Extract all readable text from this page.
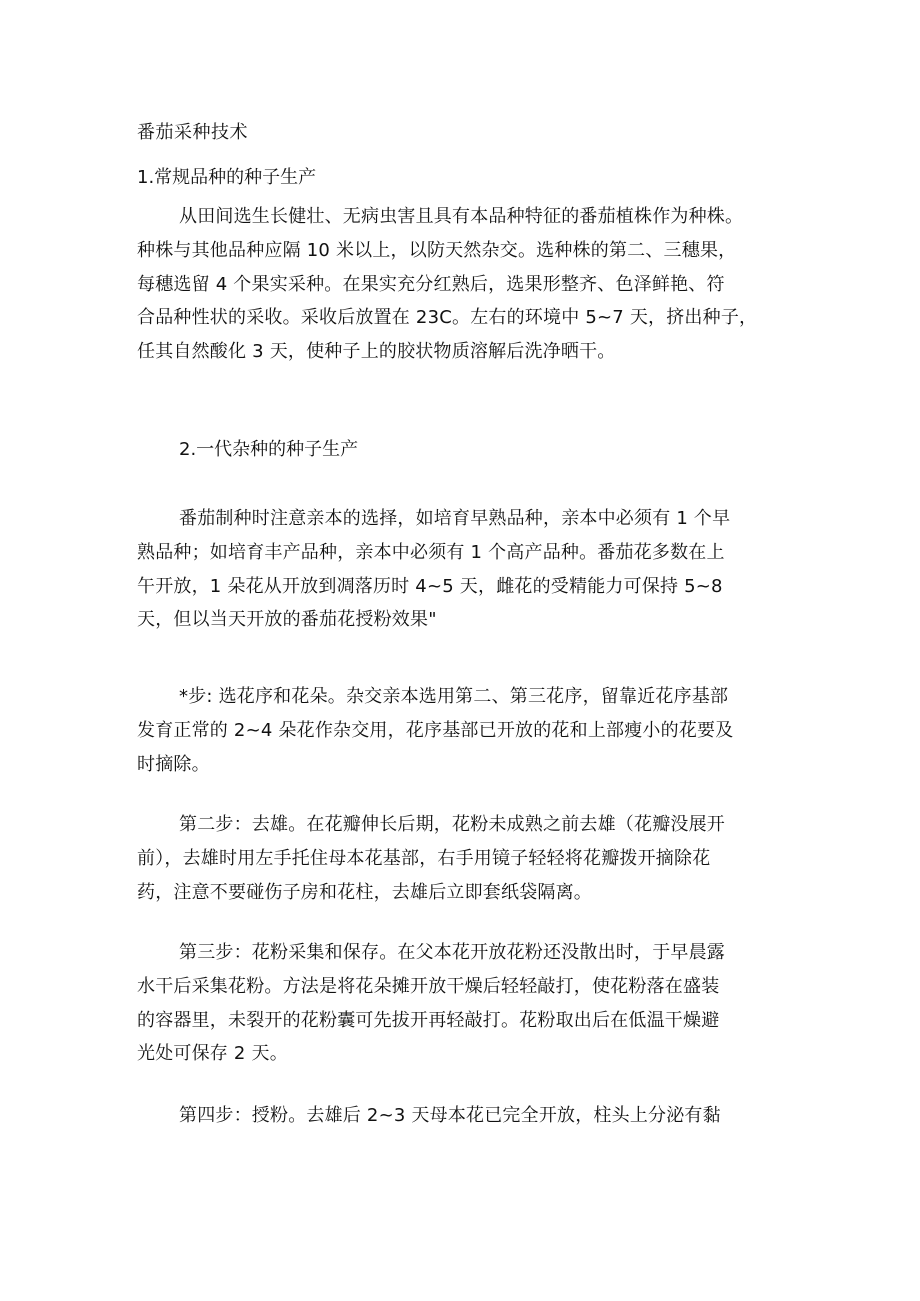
番茄采种技术
1.常规品种的种子生产
从田间选生长健壮、无病虫害且具有本品种特征的番茄植株作为种株。
种株与其他品种应隔 10 米以上，以防天然杂交。选种株的第二、三穗果，
每穗选留 4 个果实采种。在果实充分红熟后，选果形整齐、色泽鲜艳、符
合品种性状的采收。采收后放置在 23C。左右的环境中 5~7 天，挤出种子，
任其自然酸化 3 天，使种子上的胶状物质溶解后洗净晒干。
2.一代杂种的种子生产
番茄制种时注意亲本的选择，如培育早熟品种，亲本中必须有 1 个早
熟品种；如培育丰产品种，亲本中必须有 1 个高产品种。番茄花多数在上
午开放，1 朵花从开放到凋落历时 4~5 天，雌花的受精能力可保持 5~8
天，但以当天开放的番茄花授粉效果"
*步: 选花序和花朵。杂交亲本选用第二、第三花序，留靠近花序基部
发育正常的 2~4 朵花作杂交用，花序基部已开放的花和上部瘦小的花要及
时摘除。
第二步：去雄。在花瓣伸长后期，花粉未成熟之前去雄（花瓣没展开
前），去雄时用左手托住母本花基部，右手用镜子轻轻将花瓣拨开摘除花
药，注意不要碰伤子房和花柱，去雄后立即套纸袋隔离。
第三步：花粉采集和保存。在父本花开放花粉还没散出时，于早晨露
水干后采集花粉。方法是将花朵摊开放干燥后轻轻敲打，使花粉落在盛装
的容器里，未裂开的花粉囊可先拔开再轻敲打。花粉取出后在低温干燥避
光处可保存 2 天。
第四步：授粉。去雄后 2~3 天母本花已完全开放，柱头上分泌有黏
